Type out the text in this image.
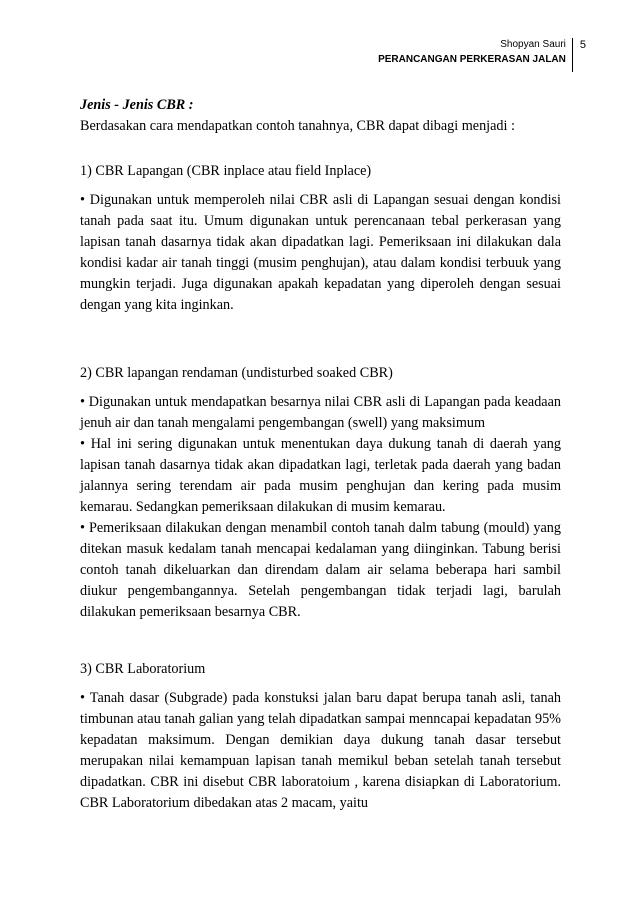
Shopyan Sauri
PERANCANGAN PERKERASAN JALAN
5

Jenis - Jenis CBR :

Berdasakan cara mendapatkan contoh tanahnya, CBR dapat dibagi menjadi :

1) CBR Lapangan (CBR inplace atau field Inplace)

• Digunakan untuk memperoleh nilai CBR asli di Lapangan sesuai dengan kondisi tanah pada saat itu. Umum digunakan untuk perencanaan tebal perkerasan yang lapisan tanah dasarnya tidak akan dipadatkan lagi. Pemeriksaan ini dilakukan dala kondisi kadar air tanah tinggi (musim penghujan), atau dalam kondisi terbuuk yang mungkin terjadi. Juga digunakan apakah kepadatan yang diperoleh dengan sesuai dengan yang kita inginkan.

2) CBR lapangan rendaman (undisturbed soaked CBR)

• Digunakan untuk mendapatkan besarnya nilai CBR asli di Lapangan pada keadaan jenuh air dan tanah mengalami pengembangan (swell) yang maksimum

• Hal ini sering digunakan untuk menentukan daya dukung tanah di daerah yang lapisan tanah dasarnya tidak akan dipadatkan lagi, terletak pada daerah yang badan jalannya sering terendam air pada musim penghujan dan kering pada musim kemarau. Sedangkan pemeriksaan dilakukan di musim kemarau.

• Pemeriksaan dilakukan dengan menambil contoh tanah dalm tabung (mould) yang ditekan masuk kedalam tanah mencapai kedalaman yang diinginkan. Tabung berisi contoh tanah dikeluarkan dan direndam dalam air selama beberapa hari sambil diukur pengembangannya. Setelah pengembangan tidak terjadi lagi, barulah dilakukan pemeriksaan besarnya CBR.

3) CBR Laboratorium

• Tanah dasar (Subgrade) pada konstuksi jalan baru dapat berupa tanah asli, tanah timbunan atau tanah galian yang telah dipadatkan sampai menncapai kepadatan 95% kepadatan maksimum. Dengan demikian daya dukung tanah dasar tersebut merupakan nilai kemampuan lapisan tanah memikul beban setelah tanah tersebut dipadatkan. CBR ini disebut CBR laboratoium , karena disiapkan di Laboratorium. CBR Laboratorium dibedakan atas 2 macam, yaitu
